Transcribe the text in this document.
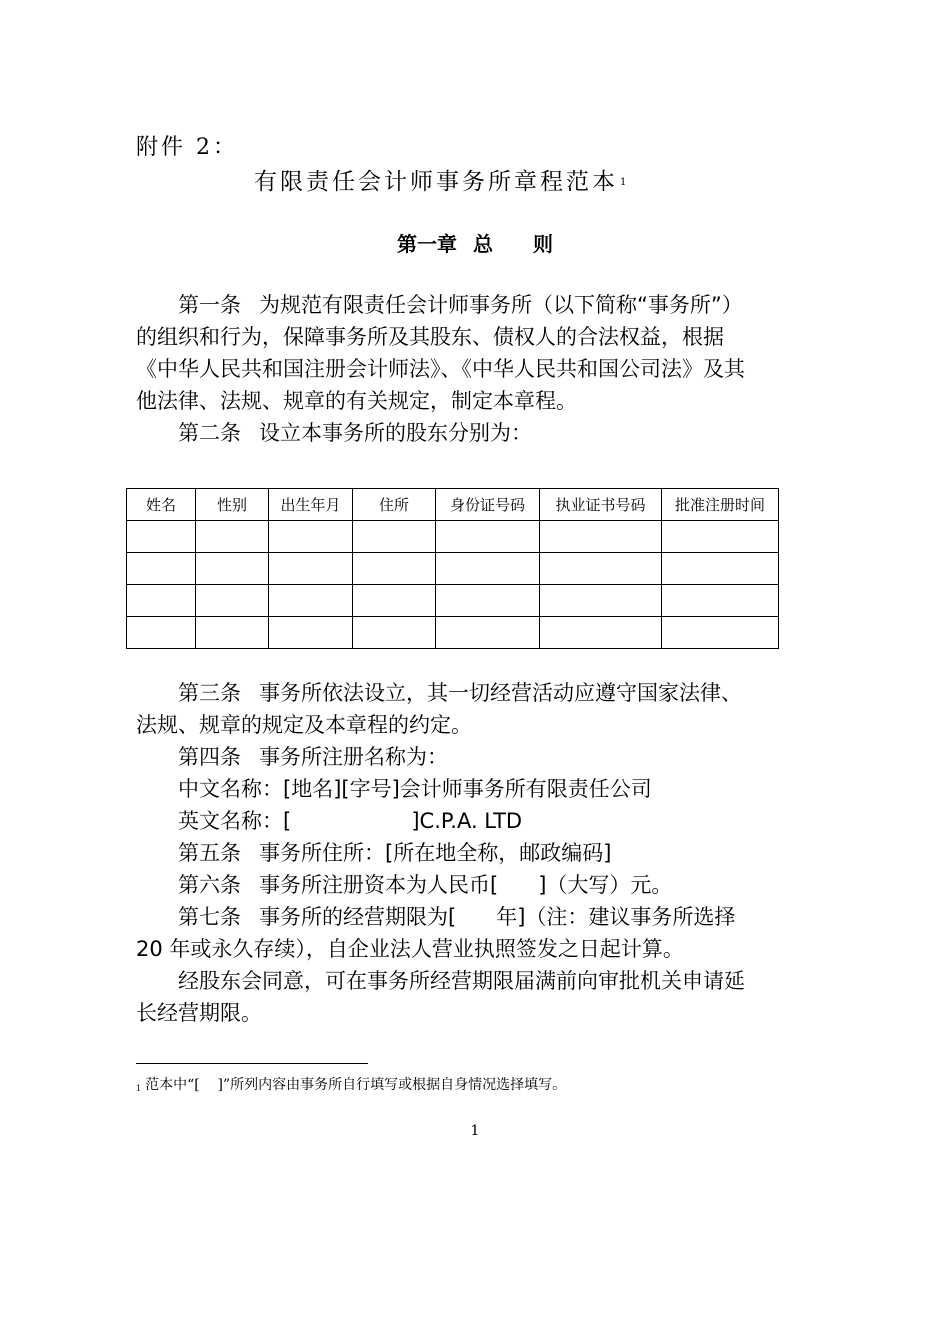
附件 2：
有限责任会计师事务所章程范本 $^1$
第一章 总 则

第一条 为规范有限责任会计师事务所（以下简称“事务所”）的组织和行为，保障事务所及其股东、债权人的合法权益，根据《中华人民共和国注册会计师法》、《中华人民共和国公司法》及其他法律、法规、规章的有关规定，制定本章程。

第二条 设立本事务所的股东分别为：

姓名	性别	出生年月	住所	身份证号码	执业证书号码	批准注册时间

第三条 事务所依法设立，其一切经营活动应遵守国家法律、法规、规章的规定及本章程的约定。

第四条 事务所注册名称为：

中文名称：[地名][字号]会计师事务所有限责任公司

英文名称：[                  ]C.P.A. LTD

第五条 事务所住所：[所在地全称，邮政编码]

第六条 事务所注册资本为人民币[      ]（大写）元。

第七条 事务所的经营期限为[      年]（注：建议事务所选择 20 年或永久存续），自企业法人营业执照签发之日起计算。

经股东会同意，可在事务所经营期限届满前向审批机关申请延长经营期限。

$^1$ 范本中“[    ]”所列内容由事务所自行填写或根据自身情况选择填写。
1
